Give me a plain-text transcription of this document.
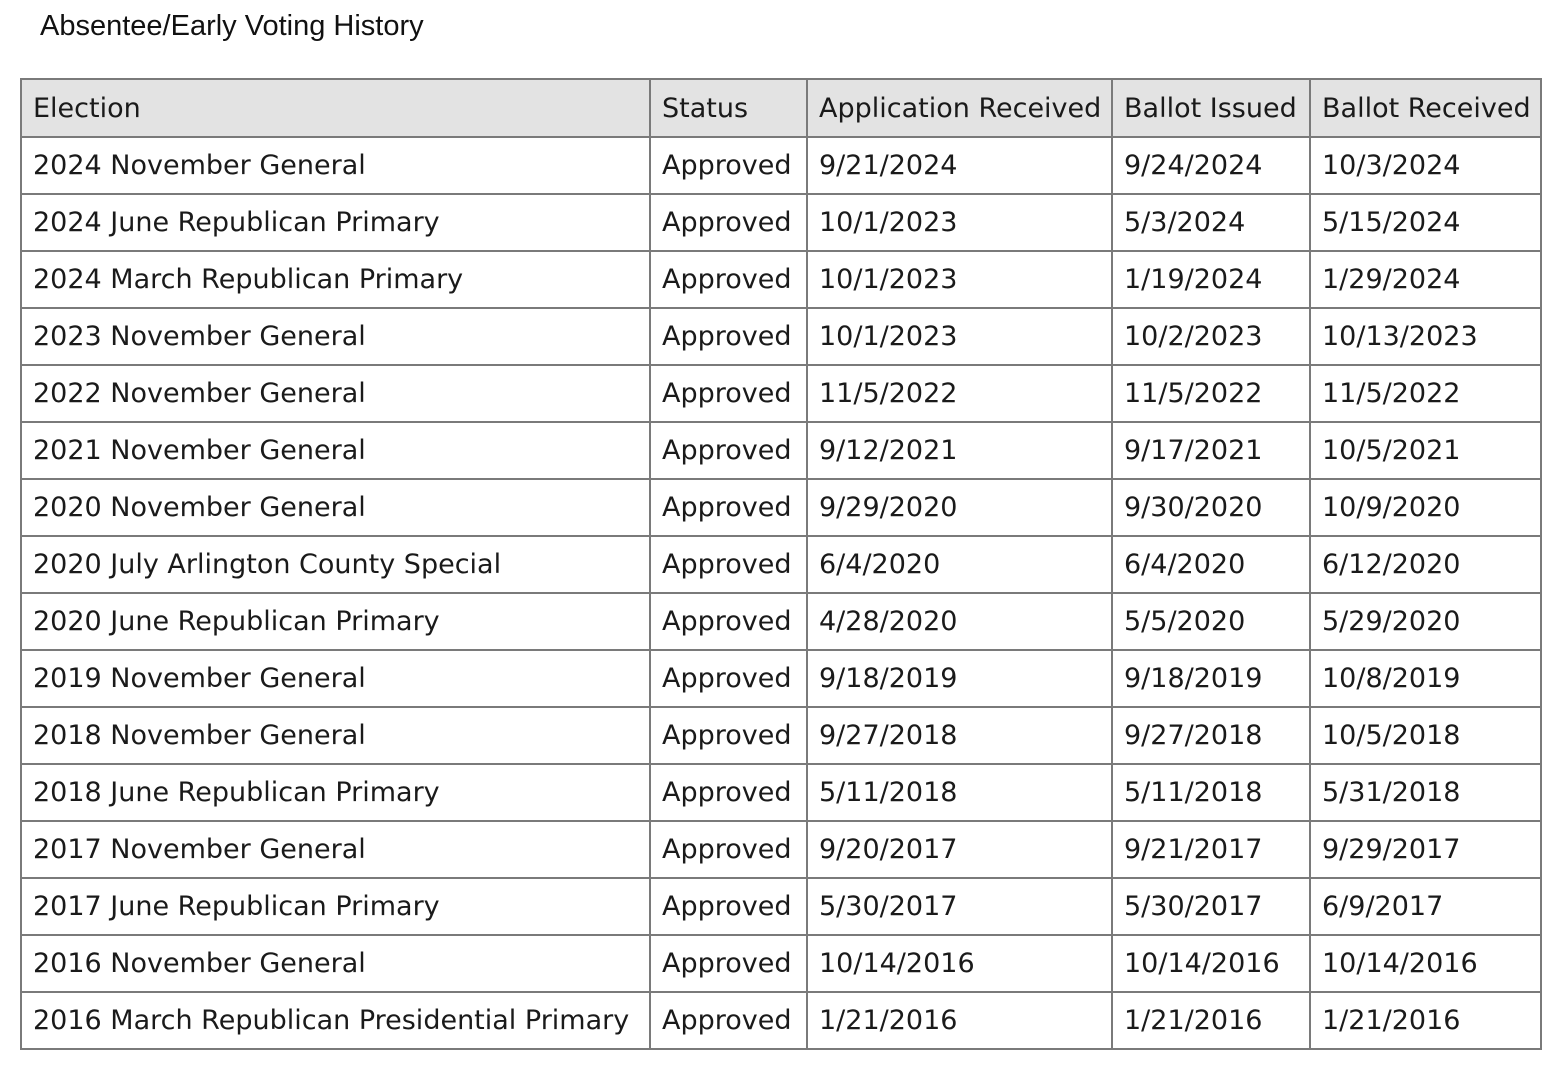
Absentee/Early Voting History
Election	Status	Application Received	Ballot Issued	Ballot Received
2024 November General	Approved	9/21/2024	9/24/2024	10/3/2024
2024 June Republican Primary	Approved	10/1/2023	5/3/2024	5/15/2024
2024 March Republican Primary	Approved	10/1/2023	1/19/2024	1/29/2024
2023 November General	Approved	10/1/2023	10/2/2023	10/13/2023
2022 November General	Approved	11/5/2022	11/5/2022	11/5/2022
2021 November General	Approved	9/12/2021	9/17/2021	10/5/2021
2020 November General	Approved	9/29/2020	9/30/2020	10/9/2020
2020 July Arlington County Special	Approved	6/4/2020	6/4/2020	6/12/2020
2020 June Republican Primary	Approved	4/28/2020	5/5/2020	5/29/2020
2019 November General	Approved	9/18/2019	9/18/2019	10/8/2019
2018 November General	Approved	9/27/2018	9/27/2018	10/5/2018
2018 June Republican Primary	Approved	5/11/2018	5/11/2018	5/31/2018
2017 November General	Approved	9/20/2017	9/21/2017	9/29/2017
2017 June Republican Primary	Approved	5/30/2017	5/30/2017	6/9/2017
2016 November General	Approved	10/14/2016	10/14/2016	10/14/2016
2016 March Republican Presidential Primary	Approved	1/21/2016	1/21/2016	1/21/2016
